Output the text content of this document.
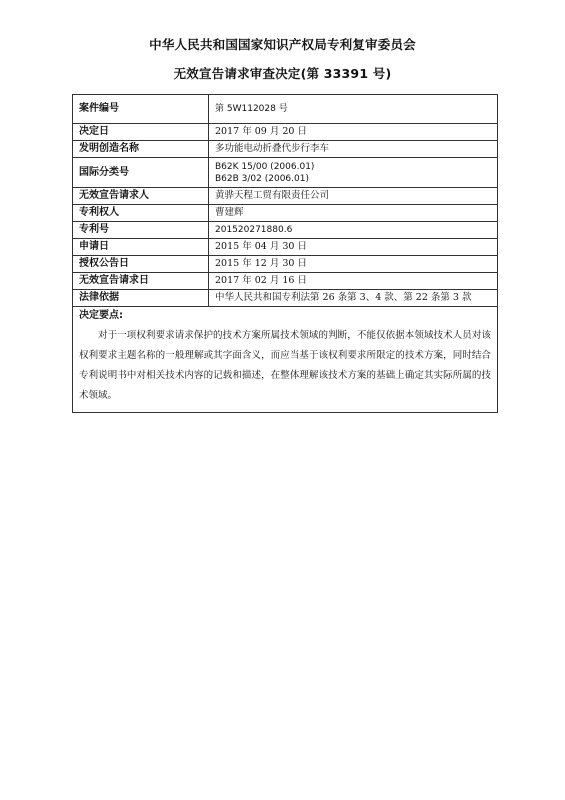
中华人民共和国国家知识产权局专利复审委员会
无效宣告请求审查决定(第 33391 号)
案件编号	第 5W112028 号
决定日	2017 年 09 月 20 日
发明创造名称	多功能电动折叠代步行李车
国际分类号	B62K 15/00 (2006.01)
B62B 3/02 (2006.01)

无效宣告请求人	黄骅天程工贸有限责任公司
专利权人	曹建辉
专利号	201520271880.6
申请日	2015 年 04 月 30 日
授权公告日	2015 年 12 月 30 日
无效宣告请求日	2017 年 02 月 16 日
法律依据	中华人民共和国专利法第 26 条第 3、4 款、第 22 条第 3 款

决定要点:
对于一项权利要求请求保护的技术方案所属技术领域的判断，不能仅依据本领域技术人员对该权利要求主题名称的一般理解或其字面含义，而应当基于该权利要求所限定的技术方案，同时结合专利说明书中对相关技术内容的记载和描述，在整体理解该技术方案的基础上确定其实际所属的技术领域。	
